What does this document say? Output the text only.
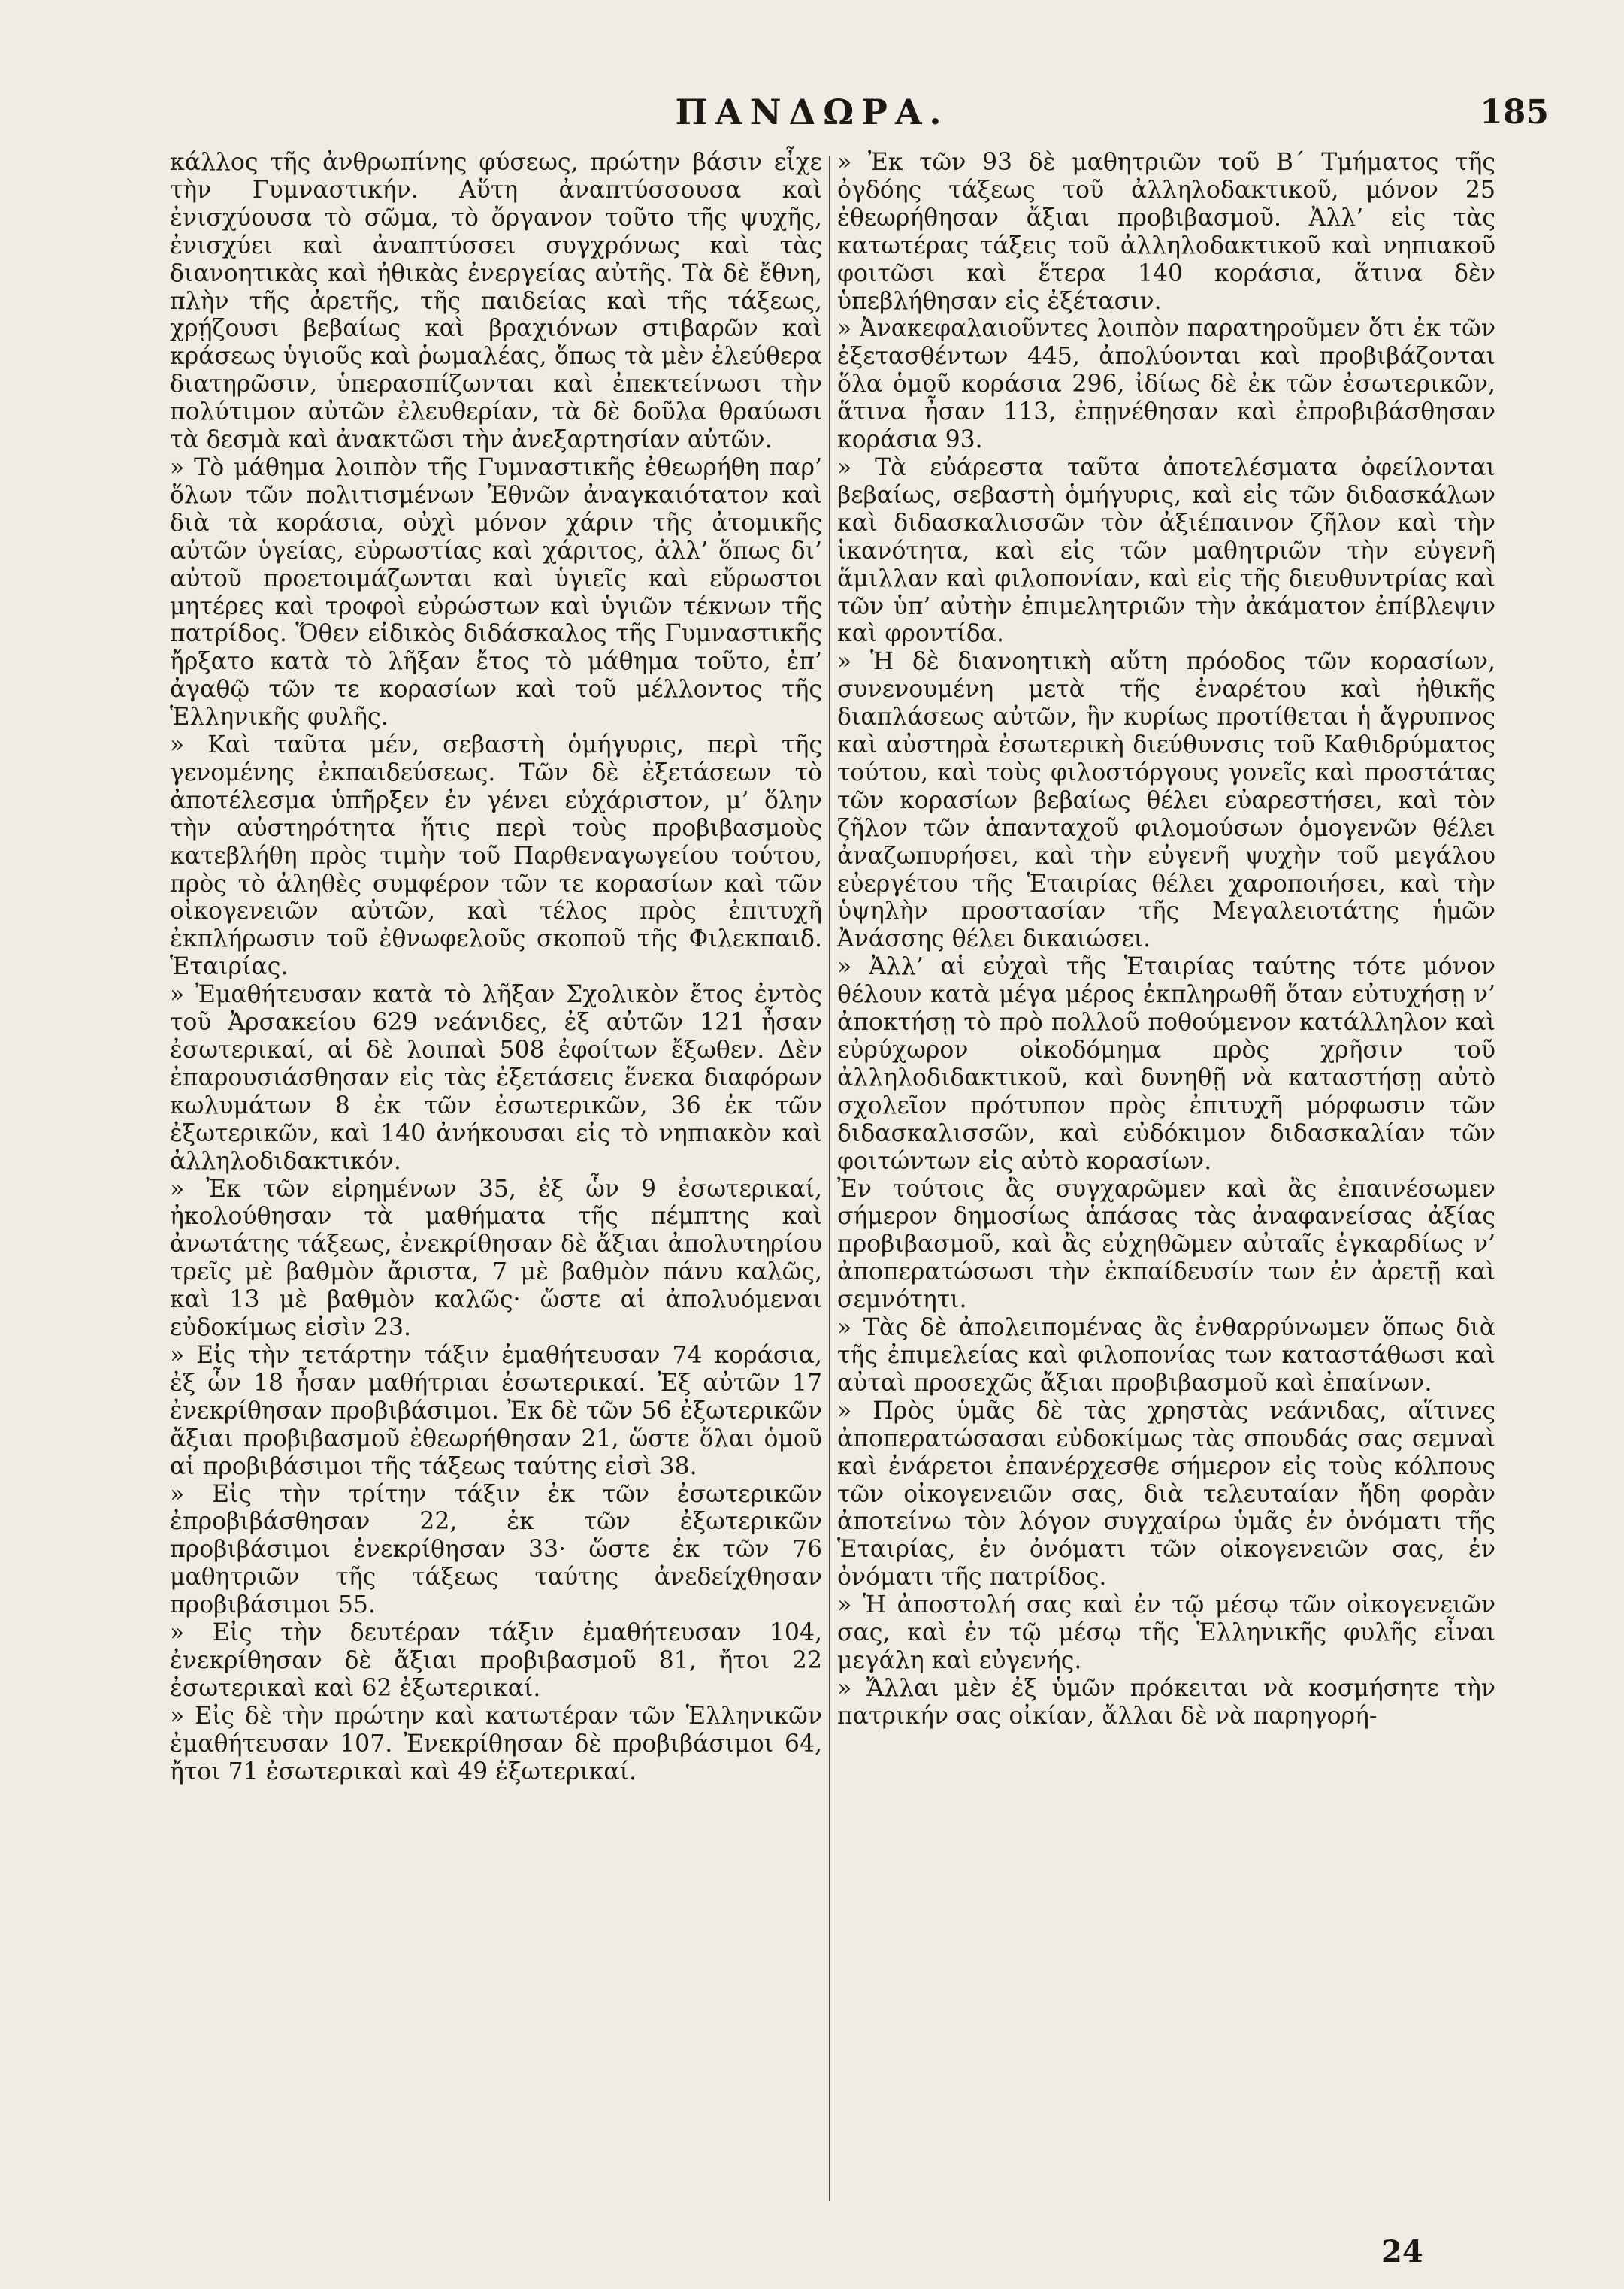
ΠΑΝΔΩΡΑ.	185

κάλλος τῆς ἀνθρωπίνης φύσεως, πρώτην βάσιν εἶχε τὴν Γυμναστικήν. Αὕτη ἀναπτύσσουσα καὶ ἐνισχύουσα τὸ σῶμα, τὸ ὄργανον τοῦτο τῆς ψυχῆς, ἐνισχύει καὶ ἀναπτύσσει συγχρόνως καὶ τὰς διανοητικὰς καὶ ἠθικὰς ἐνεργείας αὐτῆς. Τὰ δὲ ἔθνη, πλὴν τῆς ἀρετῆς, τῆς παιδείας καὶ τῆς τάξεως, χρῄζουσι βεβαίως καὶ βραχιόνων στιβαρῶν καὶ κράσεως ὑγιοῦς καὶ ῥωμαλέας, ὅπως τὰ μὲν ἐλεύθερα διατηρῶσιν, ὑπερασπίζωνται καὶ ἐπεκτείνωσι τὴν πολύτιμον αὐτῶν ἐλευθερίαν, τὰ δὲ δοῦλα θραύωσι τὰ δεσμὰ καὶ ἀνακτῶσι τὴν ἀνεξαρτησίαν αὐτῶν.

» Τὸ μάθημα λοιπὸν τῆς Γυμναστικῆς ἐθεωρήθη παρ’ ὅλων τῶν πολιτισμένων Ἐθνῶν ἀναγκαιότατον καὶ διὰ τὰ κοράσια, οὐχὶ μόνον χάριν τῆς ἀτομικῆς αὐτῶν ὑγείας, εὐρωστίας καὶ χάριτος, ἀλλ’ ὅπως δι’ αὐτοῦ προετοιμάζωνται καὶ ὑγιεῖς καὶ εὔρωστοι μητέρες καὶ τροφοὶ εὐρώστων καὶ ὑγιῶν τέκνων τῆς πατρίδος. Ὅθεν εἰδικὸς διδάσκαλος τῆς Γυμναστικῆς ἤρξατο κατὰ τὸ λῆξαν ἔτος τὸ μάθημα τοῦτο, ἐπ’ ἀγαθῷ τῶν τε κορασίων καὶ τοῦ μέλλοντος τῆς Ἑλληνικῆς φυλῆς.

» Καὶ ταῦτα μέν, σεβαστὴ ὁμήγυρις, περὶ τῆς γενομένης ἐκπαιδεύσεως. Τῶν δὲ ἐξετάσεων τὸ ἀποτέλεσμα ὑπῆρξεν ἐν γένει εὐχάριστον, μ’ ὅλην τὴν αὐστηρότητα ἥτις περὶ τοὺς προβιβασμοὺς κατεβλήθη πρὸς τιμὴν τοῦ Παρθεναγωγείου τούτου, πρὸς τὸ ἀληθὲς συμφέρον τῶν τε κορασίων καὶ τῶν οἰκογενειῶν αὐτῶν, καὶ τέλος πρὸς ἐπιτυχῆ ἐκπλήρωσιν τοῦ ἐθνωφελοῦς σκοποῦ τῆς Φιλεκπαιδ. Ἑταιρίας.

» Ἐμαθήτευσαν κατὰ τὸ λῆξαν Σχολικὸν ἔτος ἐντὸς τοῦ Ἀρσακείου 629 νεάνιδες, ἐξ αὐτῶν 121 ἦσαν ἐσωτερικαί, αἱ δὲ λοιπαὶ 508 ἐφοίτων ἔξωθεν. Δὲν ἐπαρουσιάσθησαν εἰς τὰς ἐξετάσεις ἕνεκα διαφόρων κωλυμάτων 8 ἐκ τῶν ἐσωτερικῶν, 36 ἐκ τῶν ἐξωτερικῶν, καὶ 140 ἀνήκουσαι εἰς τὸ νηπιακὸν καὶ ἀλληλοδιδακτικόν.

» Ἐκ τῶν εἰρημένων 35, ἐξ ὧν 9 ἐσωτερικαί, ἠκολούθησαν τὰ μαθήματα τῆς πέμπτης καὶ ἀνωτάτης τάξεως, ἐνεκρίθησαν δὲ ἄξιαι ἀπολυτηρίου τρεῖς μὲ βαθμὸν ἄριστα, 7 μὲ βαθμὸν πάνυ καλῶς, καὶ 13 μὲ βαθμὸν καλῶς· ὥστε αἱ ἀπολυόμεναι εὐδοκίμως εἰσὶν 23.

» Εἰς τὴν τετάρτην τάξιν ἐμαθήτευσαν 74 κοράσια, ἐξ ὧν 18 ἦσαν μαθήτριαι ἐσωτερικαί. Ἐξ αὐτῶν 17 ἐνεκρίθησαν προβιβάσιμοι. Ἐκ δὲ τῶν 56 ἐξωτερικῶν ἄξιαι προβιβασμοῦ ἐθεωρήθησαν 21, ὥστε ὅλαι ὁμοῦ αἱ προβιβάσιμοι τῆς τάξεως ταύτης εἰσὶ 38.

» Εἰς τὴν τρίτην τάξιν ἐκ τῶν ἐσωτερικῶν ἐπροβιβάσθησαν 22, ἐκ τῶν ἐξωτερικῶν προβιβάσιμοι ἐνεκρίθησαν 33· ὥστε ἐκ τῶν 76 μαθητριῶν τῆς τάξεως ταύτης ἀνεδείχθησαν προβιβάσιμοι 55.

» Εἰς τὴν δευτέραν τάξιν ἐμαθήτευσαν 104, ἐνεκρίθησαν δὲ ἄξιαι προβιβασμοῦ 81, ἤτοι 22 ἐσωτερικαὶ καὶ 62 ἐξωτερικαί.

» Εἰς δὲ τὴν πρώτην καὶ κατωτέραν τῶν Ἑλληνικῶν ἐμαθήτευσαν 107. Ἐνεκρίθησαν δὲ προβιβάσιμοι 64, ἤτοι 71 ἐσωτερικαὶ καὶ 49 ἐξωτερικαί.

» Ἐκ τῶν 93 δὲ μαθητριῶν τοῦ Β΄ Τμήματος τῆς ὀγδόης τάξεως τοῦ ἀλληλοδακτικοῦ, μόνον 25 ἐθεωρήθησαν ἄξιαι προβιβασμοῦ. Ἀλλ’ εἰς τὰς κατωτέρας τάξεις τοῦ ἀλληλοδακτικοῦ καὶ νηπιακοῦ φοιτῶσι καὶ ἕτερα 140 κοράσια, ἅτινα δὲν ὑπεβλήθησαν εἰς ἐξέτασιν.

» Ἀνακεφαλαιοῦντες λοιπὸν παρατηροῦμεν ὅτι ἐκ τῶν ἐξετασθέντων 445, ἀπολύονται καὶ προβιβάζονται ὅλα ὁμοῦ κοράσια 296, ἰδίως δὲ ἐκ τῶν ἐσωτερικῶν, ἅτινα ἦσαν 113, ἐπῃνέθησαν καὶ ἐπροβιβάσθησαν κοράσια 93.

» Τὰ εὐάρεστα ταῦτα ἀποτελέσματα ὀφείλονται βεβαίως, σεβαστὴ ὁμήγυρις, καὶ εἰς τῶν διδασκάλων καὶ διδασκαλισσῶν τὸν ἀξιέπαινον ζῆλον καὶ τὴν ἱκανότητα, καὶ εἰς τῶν μαθητριῶν τὴν εὐγενῆ ἅμιλλαν καὶ φιλοπονίαν, καὶ εἰς τῆς διευθυντρίας καὶ τῶν ὑπ’ αὐτὴν ἐπιμελητριῶν τὴν ἀκάματον ἐπίβλεψιν καὶ φροντίδα.

» Ἡ δὲ διανοητικὴ αὕτη πρόοδος τῶν κορασίων, συνενουμένη μετὰ τῆς ἐναρέτου καὶ ἠθικῆς διαπλάσεως αὐτῶν, ἣν κυρίως προτίθεται ἡ ἄγρυπνος καὶ αὐστηρὰ ἐσωτερικὴ διεύθυνσις τοῦ Καθιδρύματος τούτου, καὶ τοὺς φιλοστόργους γονεῖς καὶ προστάτας τῶν κορασίων βεβαίως θέλει εὐαρεστήσει, καὶ τὸν ζῆλον τῶν ἁπανταχοῦ φιλομούσων ὁμογενῶν θέλει ἀναζωπυρήσει, καὶ τὴν εὐγενῆ ψυχὴν τοῦ μεγάλου εὐεργέτου τῆς Ἑταιρίας θέλει χαροποιήσει, καὶ τὴν ὑψηλὴν προστασίαν τῆς Μεγαλειοτάτης ἡμῶν Ἀνάσσης θέλει δικαιώσει.

» Ἀλλ’ αἱ εὐχαὶ τῆς Ἑταιρίας ταύτης τότε μόνον θέλουν κατὰ μέγα μέρος ἐκπληρωθῆ ὅταν εὐτυχήσῃ ν’ ἀποκτήσῃ τὸ πρὸ πολλοῦ ποθούμενον κατάλληλον καὶ εὐρύχωρον οἰκοδόμημα πρὸς χρῆσιν τοῦ ἀλληλοδιδακτικοῦ, καὶ δυνηθῇ νὰ καταστήσῃ αὐτὸ σχολεῖον πρότυπον πρὸς ἐπιτυχῆ μόρφωσιν τῶν διδασκαλισσῶν, καὶ εὐδόκιμον διδασκαλίαν τῶν φοιτώντων εἰς αὐτὸ κορασίων.

Ἐν τούτοις ἂς συγχαρῶμεν καὶ ἂς ἐπαινέσωμεν σήμερον δημοσίως ἁπάσας τὰς ἀναφανείσας ἀξίας προβιβασμοῦ, καὶ ἂς εὐχηθῶμεν αὐταῖς ἐγκαρδίως ν’ ἀποπερατώσωσι τὴν ἐκπαίδευσίν των ἐν ἀρετῇ καὶ σεμνότητι.

» Τὰς δὲ ἀπολειπομένας ἂς ἐνθαρρύνωμεν ὅπως διὰ τῆς ἐπιμελείας καὶ φιλοπονίας των καταστάθωσι καὶ αὐταὶ προσεχῶς ἄξιαι προβιβασμοῦ καὶ ἐπαίνων.

» Πρὸς ὑμᾶς δὲ τὰς χρηστὰς νεάνιδας, αἵτινες ἀποπερατώσασαι εὐδοκίμως τὰς σπουδάς σας σεμναὶ καὶ ἐνάρετοι ἐπανέρχεσθε σήμερον εἰς τοὺς κόλπους τῶν οἰκογενειῶν σας, διὰ τελευταίαν ἤδη φορὰν ἀποτείνω τὸν λόγον συγχαίρω ὑμᾶς ἐν ὀνόματι τῆς Ἑταιρίας, ἐν ὀνόματι τῶν οἰκογενειῶν σας, ἐν ὀνόματι τῆς πατρίδος.

» Ἡ ἀποστολή σας καὶ ἐν τῷ μέσῳ τῶν οἰκογενειῶν σας, καὶ ἐν τῷ μέσῳ τῆς Ἑλληνικῆς φυλῆς εἶναι μεγάλη καὶ εὐγενής.

» Ἄλλαι μὲν ἐξ ὑμῶν πρόκειται νὰ κοσμήσητε τὴν πατρικήν σας οἰκίαν, ἄλλαι δὲ νὰ παρηγορή-

24
